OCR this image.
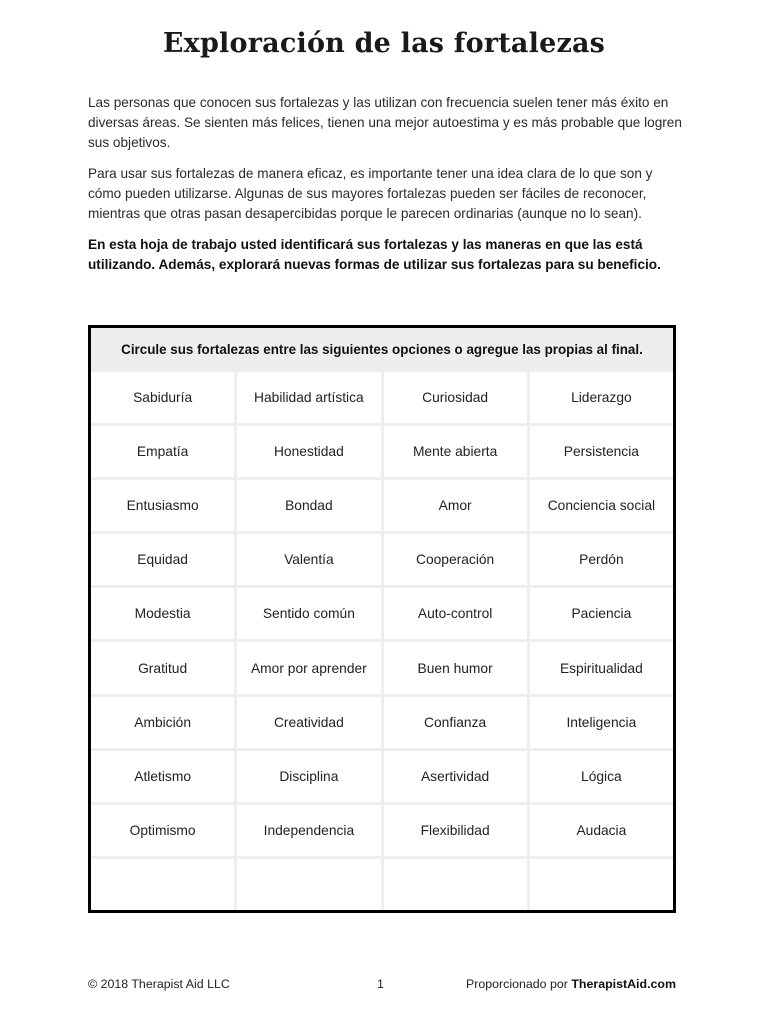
Exploración de las fortalezas

Las personas que conocen sus fortalezas y las utilizan con frecuencia suelen tener más éxito en diversas áreas. Se sienten más felices, tienen una mejor autoestima y es más probable que logren sus objetivos.

Para usar sus fortalezas de manera eficaz, es importante tener una idea clara de lo que son y cómo pueden utilizarse. Algunas de sus mayores fortalezas pueden ser fáciles de reconocer, mientras que otras pasan desapercibidas porque le parecen ordinarias (aunque no lo sean).

En esta hoja de trabajo usted identificará sus fortalezas y las maneras en que las está utilizando. Además, explorará nuevas formas de utilizar sus fortalezas para su beneficio.

Circule sus fortalezas entre las siguientes opciones o agregue las propias al final.
Sabiduría	Habilidad artística	Curiosidad	Liderazgo
Empatía	Honestidad	Mente abierta	Persistencia
Entusiasmo	Bondad	Amor	Conciencia social
Equidad	Valentía	Cooperación	Perdón
Modestia	Sentido común	Auto-control	Paciencia
Gratitud	Amor por aprender	Buen humor	Espiritualidad
Ambición	Creatividad	Confianza	Inteligencia
Atletismo	Disciplina	Asertividad	Lógica
Optimismo	Independencia	Flexibilidad	Audacia
© 2018 Therapist Aid LLC	1	Proporcionado por TherapistAid.com
